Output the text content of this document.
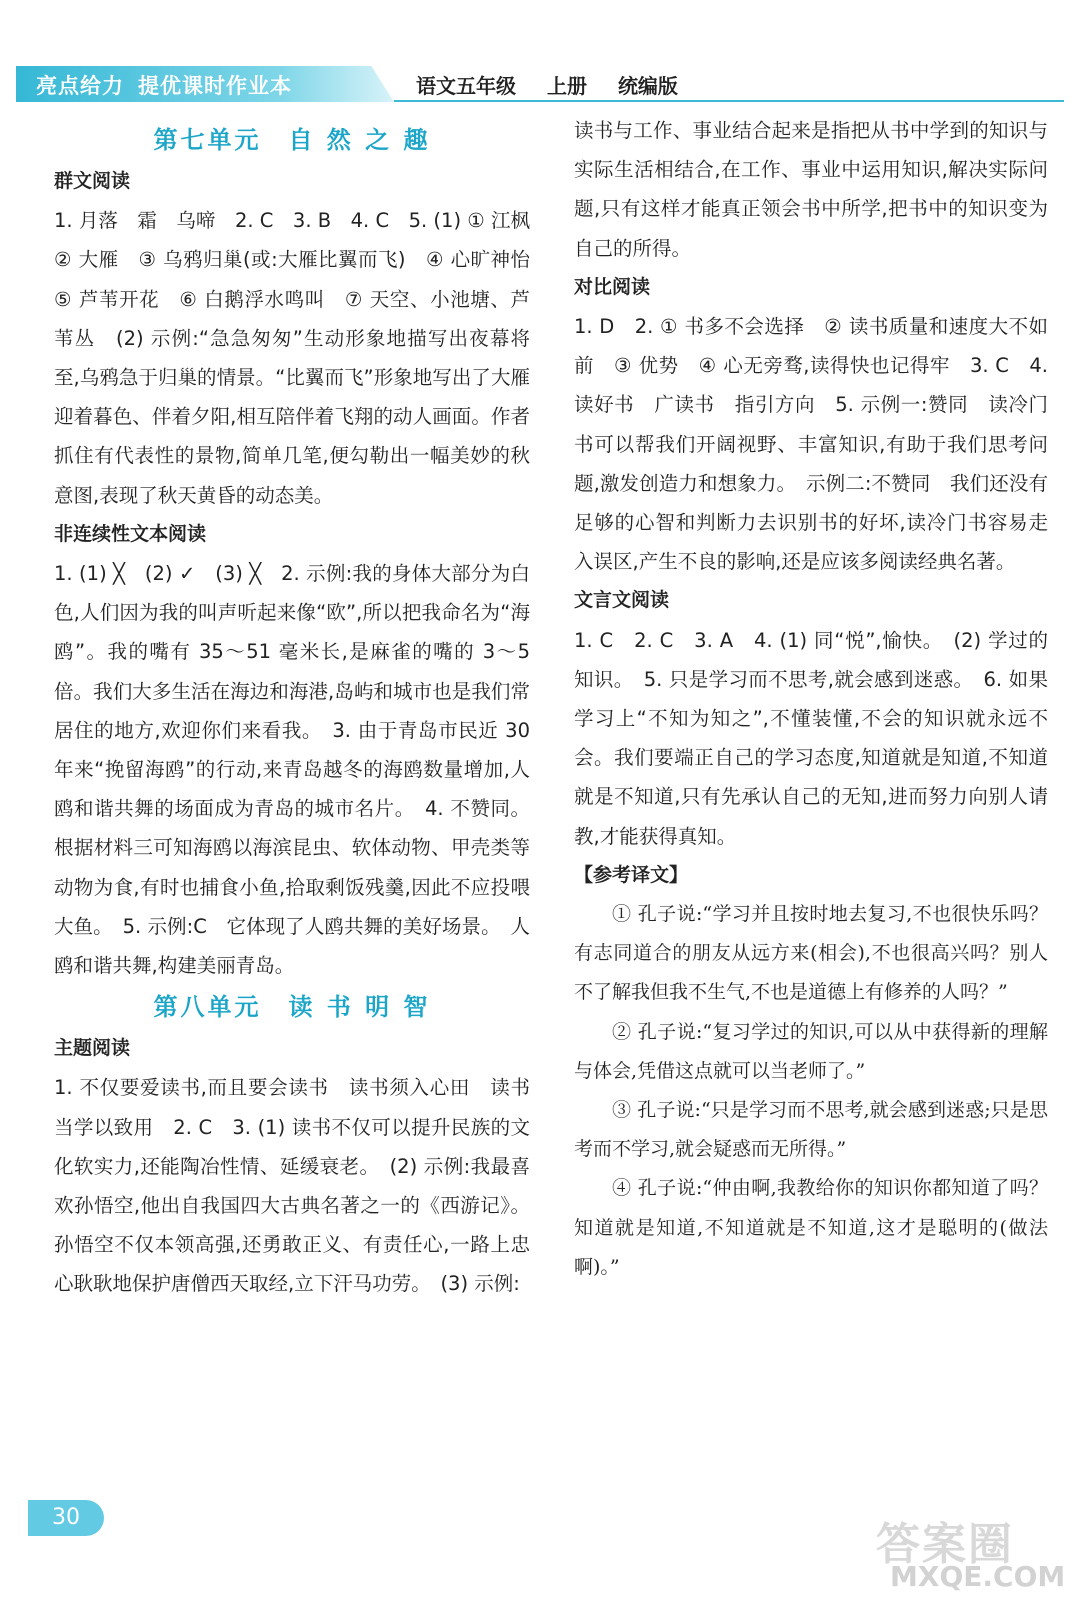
亮点给力 提优课时作业本	语文五年级 上册 统编版
第七单元　自 然 之 趣
群文阅读

1. 月落　霜　乌啼　2. C　3. B　4. C　5. (1) ① 江枫　② 大雁　③ 乌鸦归巢(或:大雁比翼而飞)　④ 心旷神怡　⑤ 芦苇开花　⑥ 白鹅浮水鸣叫　⑦ 天空、小池塘、芦苇丛　(2) 示例:“急急匆匆”生动形象地描写出夜幕将至,乌鸦急于归巢的情景。“比翼而飞”形象地写出了大雁迎着暮色、伴着夕阳,相互陪伴着飞翔的动人画面。作者抓住有代表性的景物,简单几笔,便勾勒出一幅美妙的秋意图,表现了秋天黄昏的动态美。

非连续性文本阅读

1. (1) ╳　(2) ✓　(3) ╳　2. 示例:我的身体大部分为白色,人们因为我的叫声听起来像“欧”,所以把我命名为“海鸥”。我的嘴有 35～51 毫米长,是麻雀的嘴的 3～5 倍。我们大多生活在海边和海港,岛屿和城市也是我们常居住的地方,欢迎你们来看我。　3. 由于青岛市民近 30 年来“挽留海鸥”的行动,来青岛越冬的海鸥数量增加,人鸥和谐共舞的场面成为青岛的城市名片。　4. 不赞同。根据材料三可知海鸥以海滨昆虫、软体动物、甲壳类等动物为食,有时也捕食小鱼,拾取剩饭残羹,因此不应投喂大鱼。　5. 示例:C　它体现了人鸥共舞的美好场景。　人鸥和谐共舞,构建美丽青岛。

第八单元　读 书 明 智
主题阅读

1. 不仅要爱读书,而且要会读书　读书须入心田　读书当学以致用　2. C　3. (1) 读书不仅可以提升民族的文化软实力,还能陶冶性情、延缓衰老。　(2) 示例:我最喜欢孙悟空,他出自我国四大古典名著之一的《西游记》。孙悟空不仅本领高强,还勇敢正义、有责任心,一路上忠心耿耿地保护唐僧西天取经,立下汗马功劳。　(3) 示例:

读书与工作、事业结合起来是指把从书中学到的知识与实际生活相结合,在工作、事业中运用知识,解决实际问题,只有这样才能真正领会书中所学,把书中的知识变为自己的所得。

对比阅读

1. D　2. ① 书多不会选择　② 读书质量和速度大不如前　③ 优势　④ 心无旁骛,读得快也记得牢　3. C　4. 读好书　广读书　指引方向　5. 示例一:赞同　读冷门书可以帮我们开阔视野、丰富知识,有助于我们思考问题,激发创造力和想象力。　示例二:不赞同　我们还没有足够的心智和判断力去识别书的好坏,读冷门书容易走入误区,产生不良的影响,还是应该多阅读经典名著。

文言文阅读

1. C　2. C　3. A　4. (1) 同“悦”,愉快。　(2) 学过的知识。　5. 只是学习而不思考,就会感到迷惑。　6. 如果学习上“不知为知之”,不懂装懂,不会的知识就永远不会。我们要端正自己的学习态度,知道就是知道,不知道就是不知道,只有先承认自己的无知,进而努力向别人请教,才能获得真知。

【参考译文】

① 孔子说:“学习并且按时地去复习,不也很快乐吗？有志同道合的朋友从远方来(相会),不也很高兴吗？别人不了解我但我不生气,不也是道德上有修养的人吗？”

② 孔子说:“复习学过的知识,可以从中获得新的理解与体会,凭借这点就可以当老师了。”

③ 孔子说:“只是学习而不思考,就会感到迷惑;只是思考而不学习,就会疑惑而无所得。”

④ 孔子说:“仲由啊,我教给你的知识你都知道了吗？知道就是知道,不知道就是不知道,这才是聪明的(做法啊)。”

30
答案圈
MXQE.COM
